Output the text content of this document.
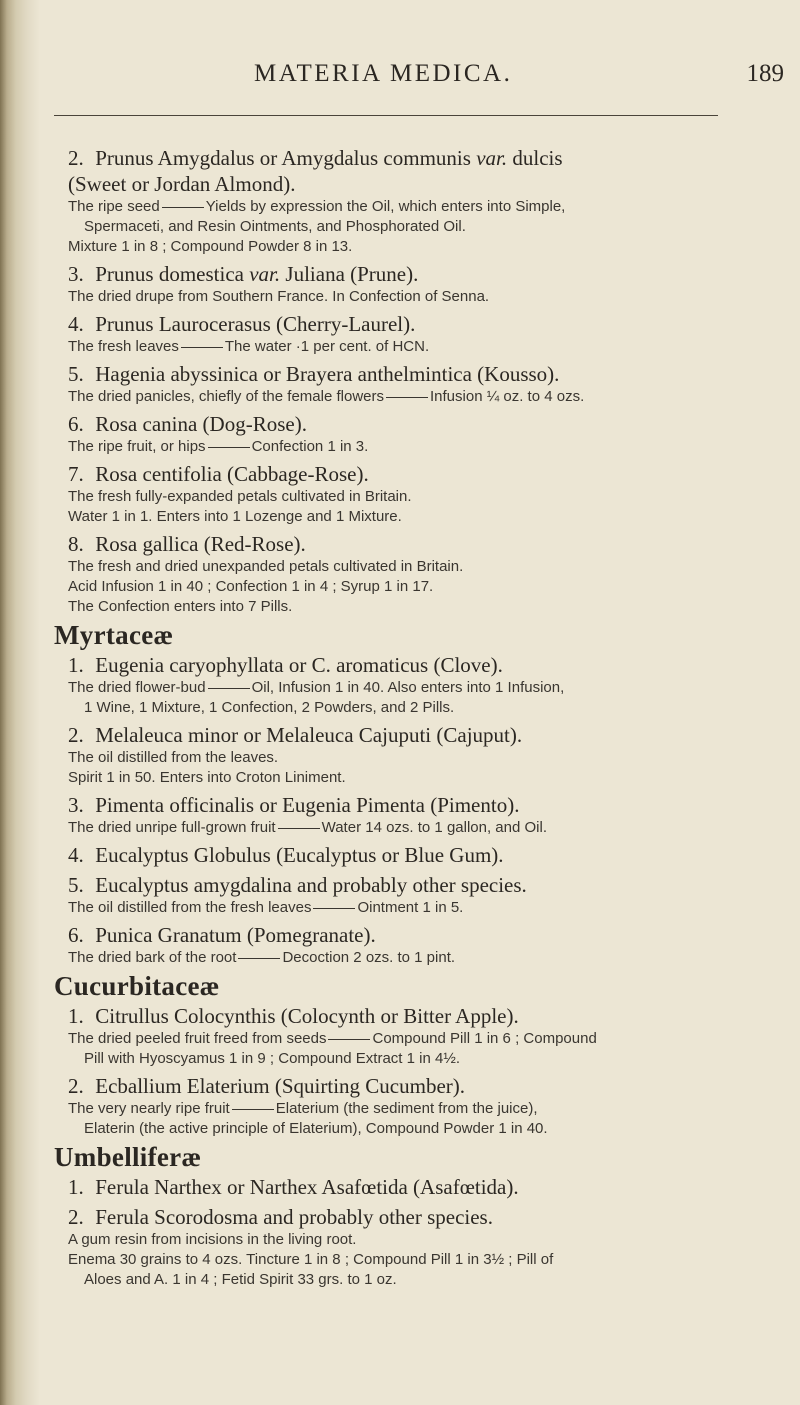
MATERIA MEDICA.	189
2. Prunus Amygdalus or Amygdalus communis var. dulcis
(Sweet or Jordan Almond).
The ripe seed	Yields by expression the Oil, which enters into Simple,
Spermaceti, and Resin Ointments, and Phosphorated Oil.
Mixture 1 in 8 ; Compound Powder 8 in 13.
3. Prunus domestica var. Juliana (Prune).
The dried drupe from Southern France. In Confection of Senna.
4. Prunus Laurocerasus (Cherry-Laurel).
The fresh leaves	The water ·1 per cent. of HCN.
5. Hagenia abyssinica or Brayera anthelmintica (Kousso).
The dried panicles, chiefly of the female flowers	Infusion ¼ oz. to 4 ozs.
6. Rosa canina (Dog-Rose).
The ripe fruit, or hips	Confection 1 in 3.
7. Rosa centifolia (Cabbage-Rose).
The fresh fully-expanded petals cultivated in Britain.
Water 1 in 1. Enters into 1 Lozenge and 1 Mixture.
8. Rosa gallica (Red-Rose).
The fresh and dried unexpanded petals cultivated in Britain.
Acid Infusion 1 in 40 ; Confection 1 in 4 ; Syrup 1 in 17.
The Confection enters into 7 Pills.
Myrtaceæ
1. Eugenia caryophyllata or C. aromaticus (Clove).
The dried flower-bud	Oil, Infusion 1 in 40. Also enters into 1 Infusion,
1 Wine, 1 Mixture, 1 Confection, 2 Powders, and 2 Pills.
2. Melaleuca minor or Melaleuca Cajuputi (Cajuput).
The oil distilled from the leaves.
Spirit 1 in 50. Enters into Croton Liniment.
3. Pimenta officinalis or Eugenia Pimenta (Pimento).
The dried unripe full-grown fruit	Water 14 ozs. to 1 gallon, and Oil.
4. Eucalyptus Globulus (Eucalyptus or Blue Gum).
5. Eucalyptus amygdalina and probably other species.
The oil distilled from the fresh leaves	Ointment 1 in 5.
6. Punica Granatum (Pomegranate).
The dried bark of the root	Decoction 2 ozs. to 1 pint.
Cucurbitaceæ
1. Citrullus Colocynthis (Colocynth or Bitter Apple).
The dried peeled fruit freed from seeds	Compound Pill 1 in 6 ; Compound
Pill with Hyoscyamus 1 in 9 ; Compound Extract 1 in 4½.
2. Ecballium Elaterium (Squirting Cucumber).
The very nearly ripe fruit	Elaterium (the sediment from the juice),
Elaterin (the active principle of Elaterium), Compound Powder 1 in 40.
Umbelliferæ
1. Ferula Narthex or Narthex Asafœtida (Asafœtida).
2. Ferula Scorodosma and probably other species.
A gum resin from incisions in the living root.
Enema 30 grains to 4 ozs. Tincture 1 in 8 ; Compound Pill 1 in 3½ ; Pill of
Aloes and A. 1 in 4 ; Fetid Spirit 33 grs. to 1 oz.
